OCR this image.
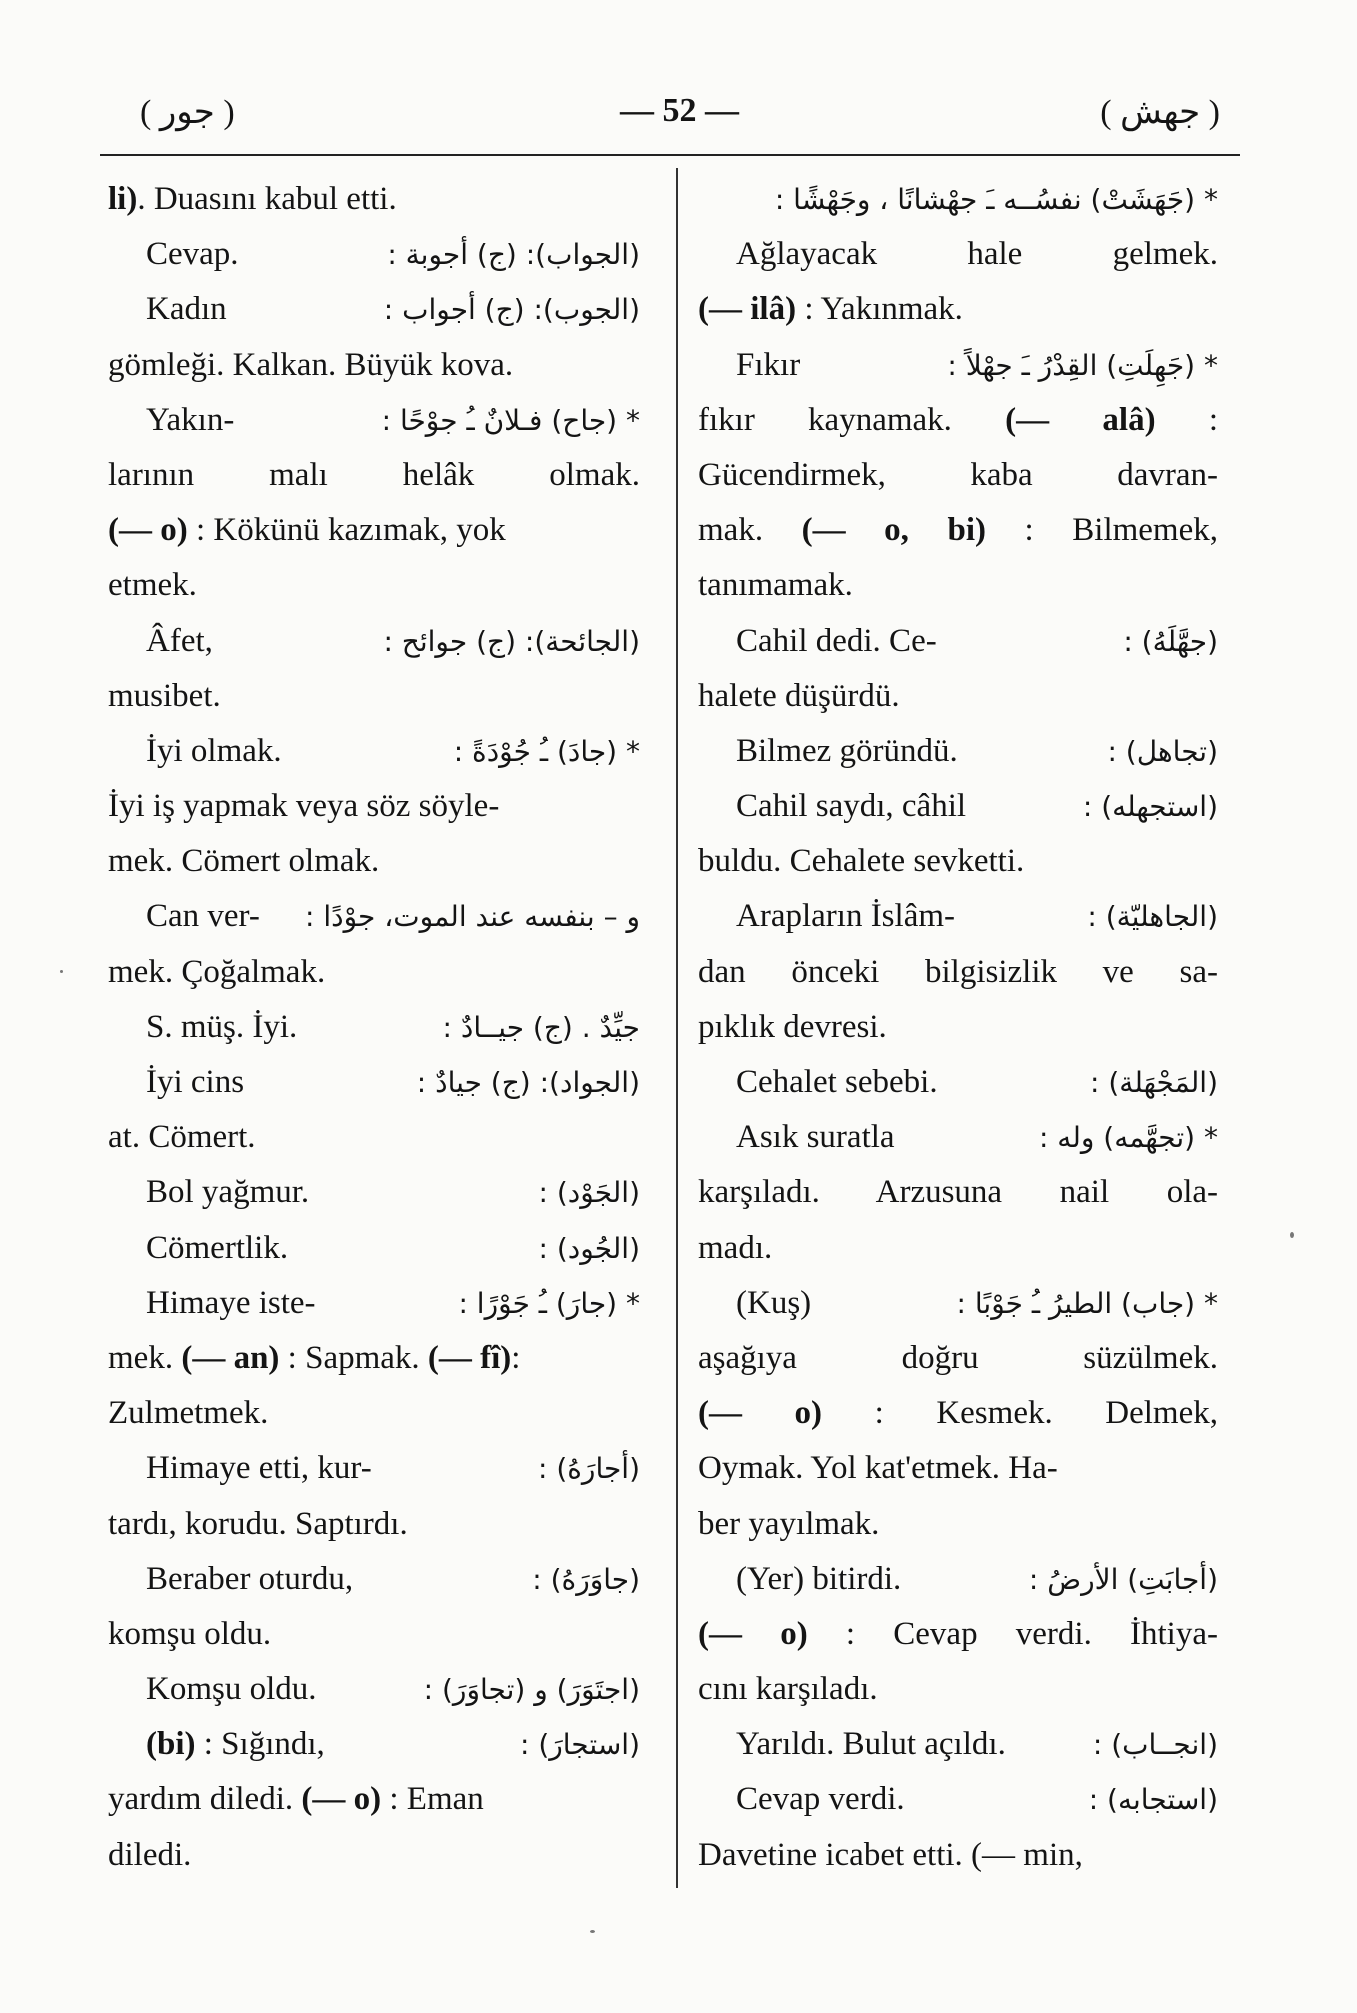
( جور )	— 52 —	( جهش )
li). Duasını kabul etti.
Cevap.	(الجواب): (ج) أجوبة :
Kadın	(الجوب): (ج) أجواب :
gömleği. Kalkan. Büyük kova.
Yakın-	* (جاح) فـلانٌ ـُ جوْحًا :
larının malı helâk olmak.
(— o) : Kökünü kazımak, yok
etmek.
Âfet,	(الجائحة): (ج) جوائح :
musibet.
İyi olmak.	* (جادَ) ـُ جُوْدَةً :
İyi iş yapmak veya söz söyle-
mek. Cömert olmak.
Can ver- و – بنفسه عند الموت، جوْدًا :
mek. Çoğalmak.
S. müş. İyi.	جيِّدٌ . (ج) جيــادٌ :
İyi cins	(الجواد): (ج) جيادٌ :
at. Cömert.
Bol yağmur.	(الجَوْد) :
Cömertlik.	(الجُود) :
Himaye iste-	* (جارَ) ـُ جَوْرًا :
mek. (— an) : Sapmak. (— fî):
Zulmetmek.
Himaye etti, kur-	(أجارَهُ) :
tardı, korudu. Saptırdı.
Beraber oturdu,	(جاوَرَهُ) :
komşu oldu.
Komşu oldu.	(اجتَوَرَ) و (تجاوَرَ) :
(bi) : Sığındı,	(استجارَ) :
yardım diledi. (— o) : Eman
diledi.
* (جَهَشَتْ) نفسُــه ـَ جهْشانًا ، وجَهْشًا :
Ağlayacak hale gelmek.
(— ilâ) : Yakınmak.
Fıkır	* (جَهِلَتِ) القِدْرُ ـَ جهْلاً :
fıkır kaynamak. (— alâ) :
Gücendirmek, kaba davran-
mak. (— o, bi) : Bilmemek,
tanımamak.
Cahil dedi. Ce-	(جهَّلَهُ) :
halete düşürdü.
Bilmez göründü.	(تجاهل) :
Cahil saydı, câhil	(استجهله) :
buldu. Cehalete sevketti.
Arapların İslâm-	(الجاهليّة) :
dan önceki bilgisizlik ve sa-
pıklık devresi.
Cehalet sebebi.	(المَجْهَلة) :
Asık suratla	* (تجهَّمه) وله :
karşıladı. Arzusuna nail ola-
madı.
(Kuş)	* (جاب) الطيرُ ـُ جَوْبًا :
aşağıya doğru süzülmek.
(— o) : Kesmek. Delmek,
Oymak. Yol kat'etmek. Ha-
ber yayılmak.
(Yer) bitirdi.	(أجابَتِ) الأرضُ :
(— o) : Cevap verdi. İhtiya-
cını karşıladı.
Yarıldı. Bulut açıldı.	(انجــاب) :
Cevap verdi.	(استجابه) :
Davetine icabet etti. (— min,
